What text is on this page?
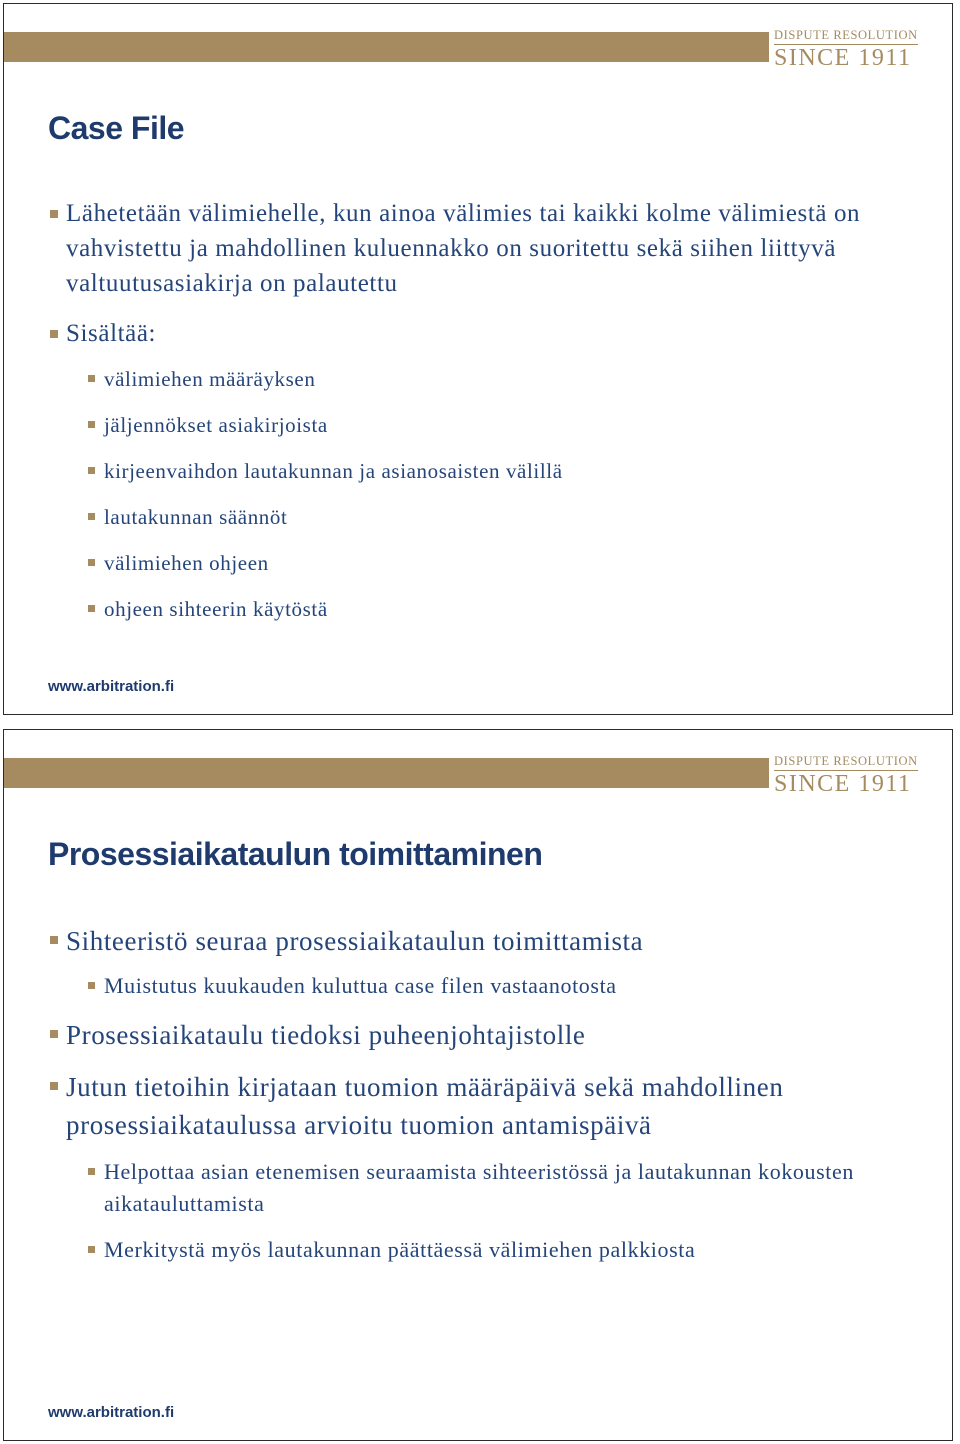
DISPUTE RESOLUTION
SINCE 1911
Case File
Lähetetään välimiehelle, kun ainoa välimies tai kaikki kolme välimiestä on vahvistettu ja mahdollinen kuluennakko on suoritettu sekä siihen liittyvä valtuutusasiakirja on palautettu
Sisältää:
välimiehen määräyksen
jäljennökset asiakirjoista
kirjeenvaihdon lautakunnan ja asianosaisten välillä
lautakunnan säännöt
välimiehen ohjeen
ohjeen sihteerin käytöstä
www.arbitration.fi
DISPUTE RESOLUTION
SINCE 1911
Prosessiaikataulun toimittaminen
Sihteeristö seuraa prosessiaikataulun toimittamista
Muistutus kuukauden kuluttua case filen vastaanotosta
Prosessiaikataulu tiedoksi puheenjohtajistolle
Jutun tietoihin kirjataan tuomion määräpäivä sekä mahdollinen prosessiaikataulussa arvioitu tuomion antamispäivä
Helpottaa asian etenemisen seuraamista sihteeristössä ja lautakunnan kokousten aikatauluttamista
Merkitystä myös lautakunnan päättäessä välimiehen palkkiosta
www.arbitration.fi
